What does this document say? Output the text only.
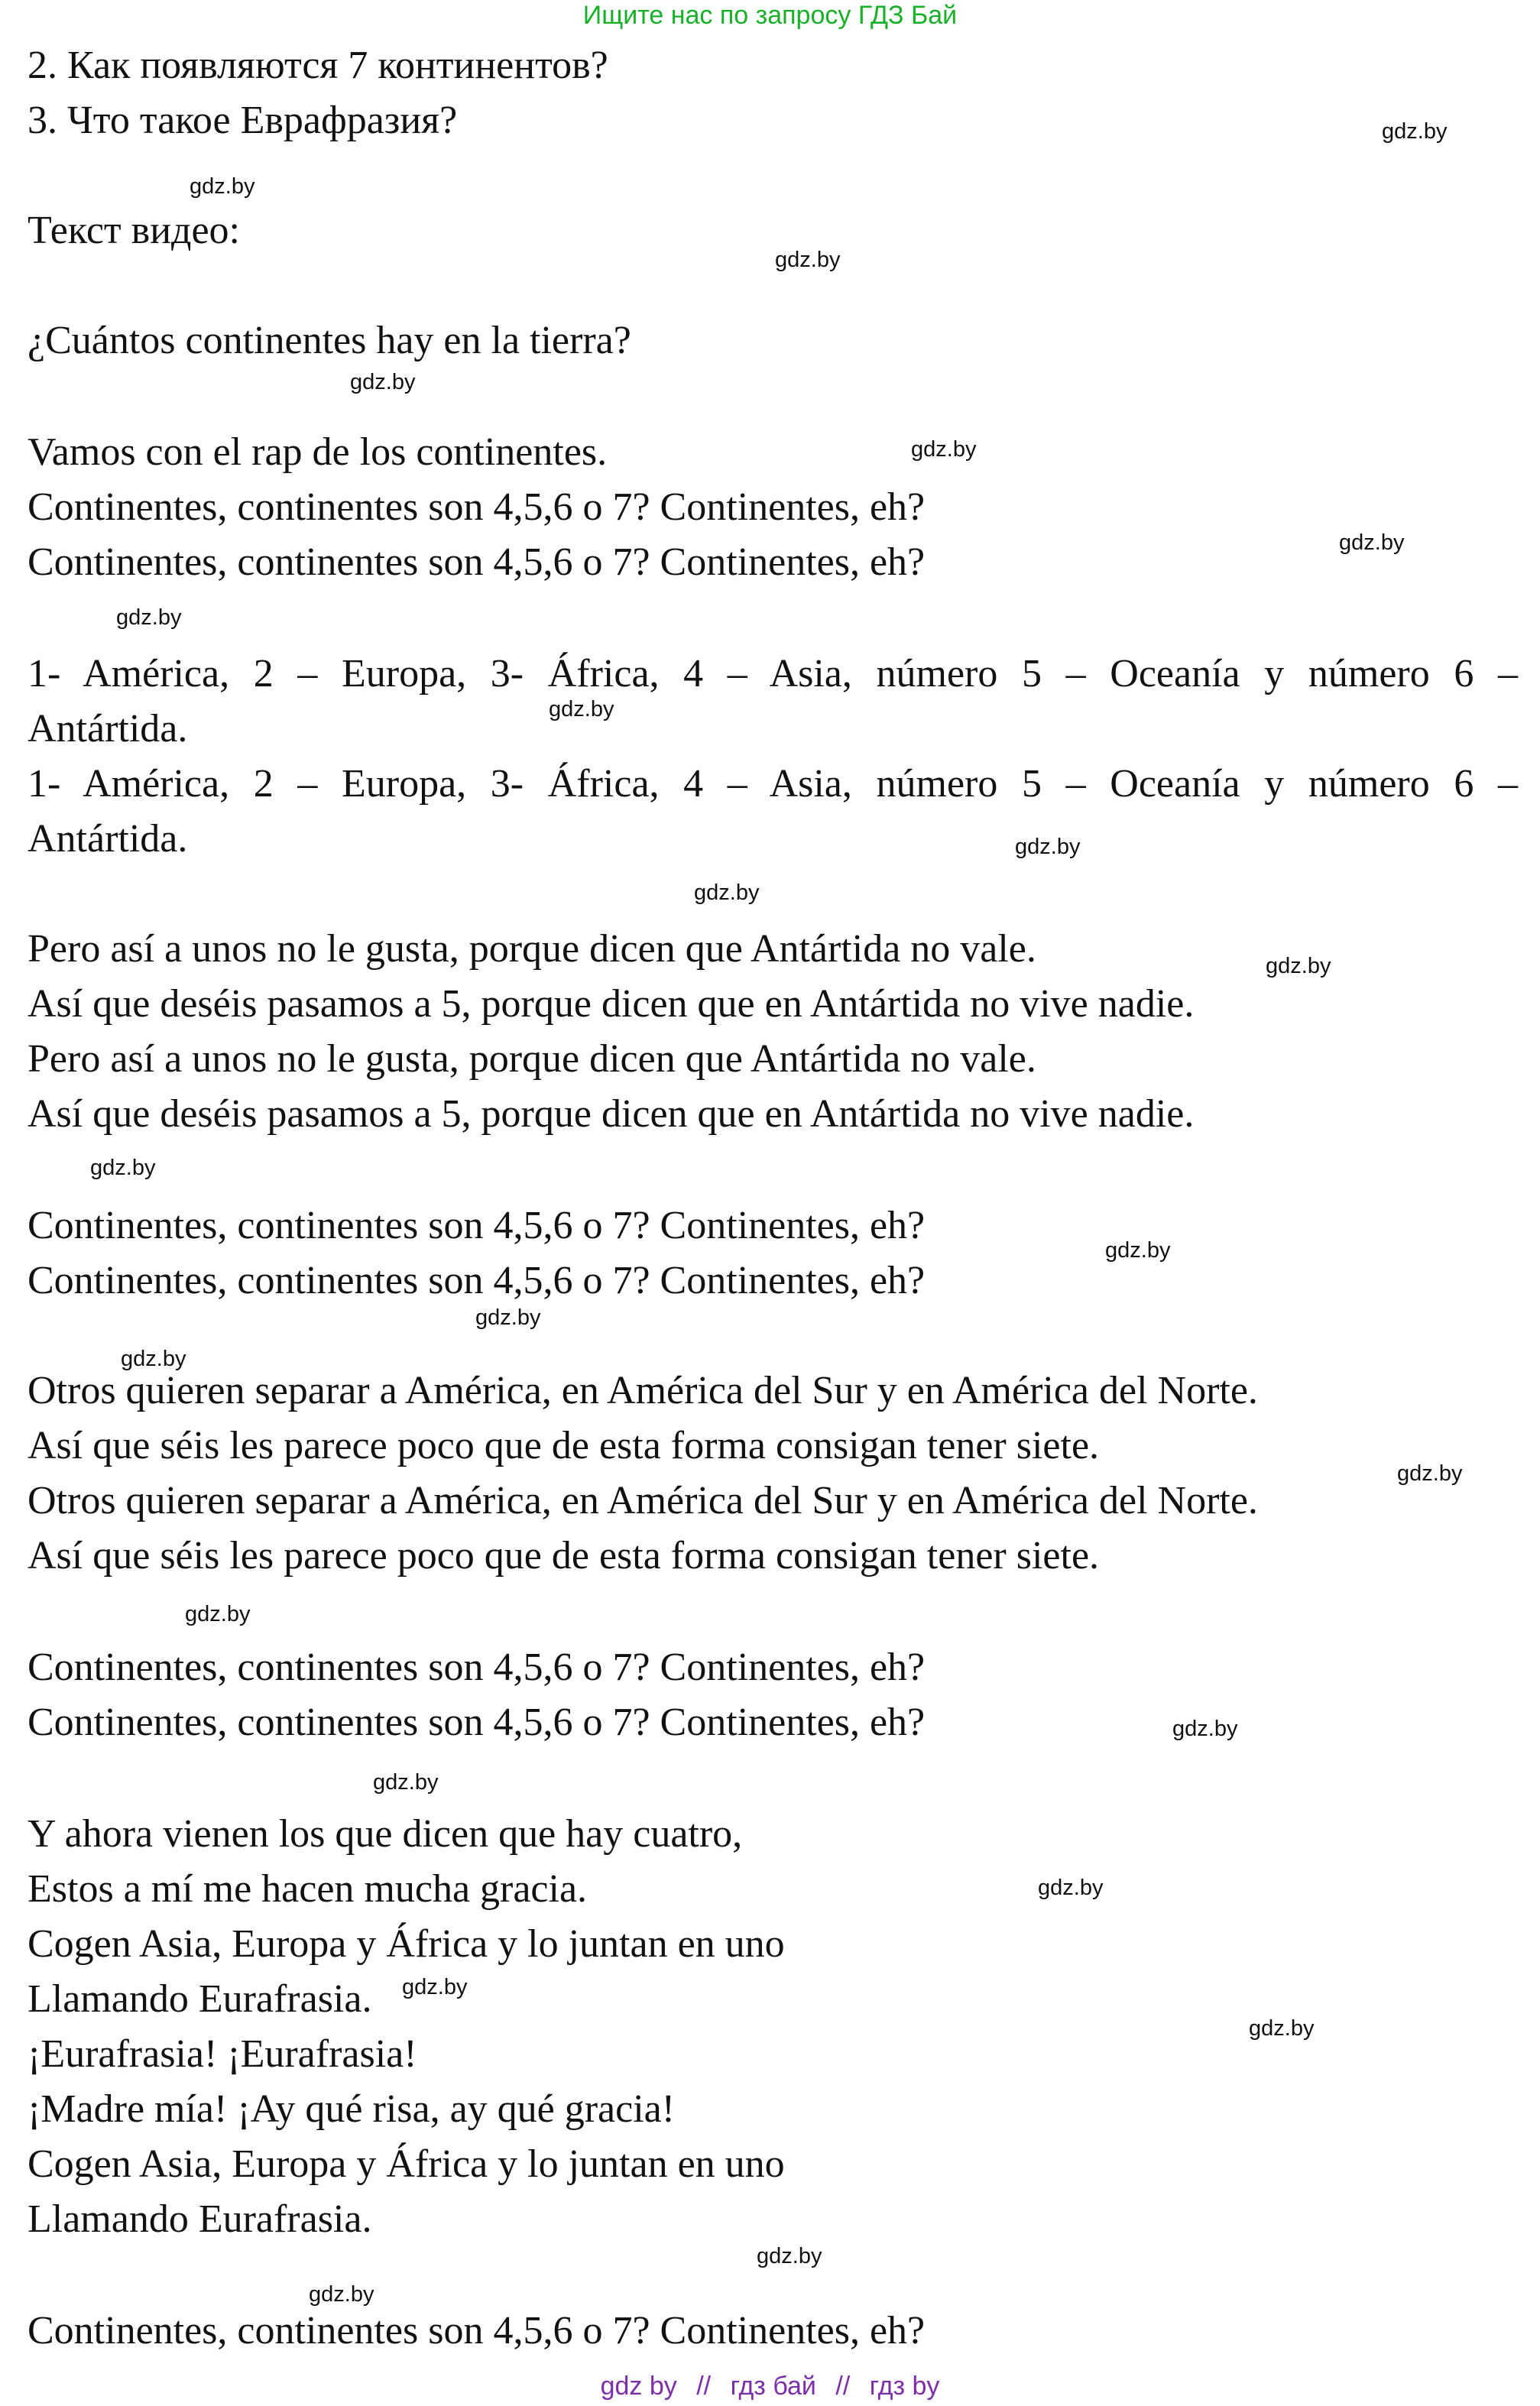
Ищите нас по запросу ГДЗ Бай
2. Как появляются 7 континентов?
3. Что такое Еврафразия?
Текст видео:
¿Cuántos continentes hay en la tierra?
Vamos con el rap de los continentes.
Continentes, continentes son 4,5,6 o 7? Continentes, eh?
Continentes, continentes son 4,5,6 o 7? Continentes, eh?
1- América, 2 – Europa, 3- África, 4 – Asia, número 5 – Oceanía y número 6 –
Antártida.
1- América, 2 – Europa, 3- África, 4 – Asia, número 5 – Oceanía y número 6 –
Antártida.
Pero así a unos no le gusta, porque dicen que Antártida no vale.
Así que deséis pasamos a 5, porque dicen que en Antártida no vive nadie.
Pero así a unos no le gusta, porque dicen que Antártida no vale.
Así que deséis pasamos a 5, porque dicen que en Antártida no vive nadie.
Continentes, continentes son 4,5,6 o 7? Continentes, eh?
Continentes, continentes son 4,5,6 o 7? Continentes, eh?
Otros quieren separar a América, en América del Sur y en América del Norte.
Así que séis les parece poco que de esta forma consigan tener siete.
Otros quieren separar a América, en América del Sur y en América del Norte.
Así que séis les parece poco que de esta forma consigan tener siete.
Continentes, continentes son 4,5,6 o 7? Continentes, eh?
Continentes, continentes son 4,5,6 o 7? Continentes, eh?
Y ahora vienen los que dicen que hay cuatro,
Estos a mí me hacen mucha gracia.
Cogen Asia, Europa y África y lo juntan en uno
Llamando Eurafrasia.
¡Eurafrasia! ¡Eurafrasia!
¡Madre mía! ¡Ay qué risa, ay qué gracia!
Cogen Asia, Europa y África y lo juntan en uno
Llamando Eurafrasia.
Continentes, continentes son 4,5,6 o 7? Continentes, eh?
gdz.by
gdz.by
gdz.by
gdz.by
gdz.by
gdz.by
gdz.by
gdz.by
gdz.by
gdz.by
gdz.by
gdz.by
gdz.by
gdz.by
gdz.by
gdz.by
gdz.by
gdz.by
gdz.by
gdz.by
gdz.by
gdz.by
gdz.by
gdz.by
gdz by // гдз бай // гдз by
